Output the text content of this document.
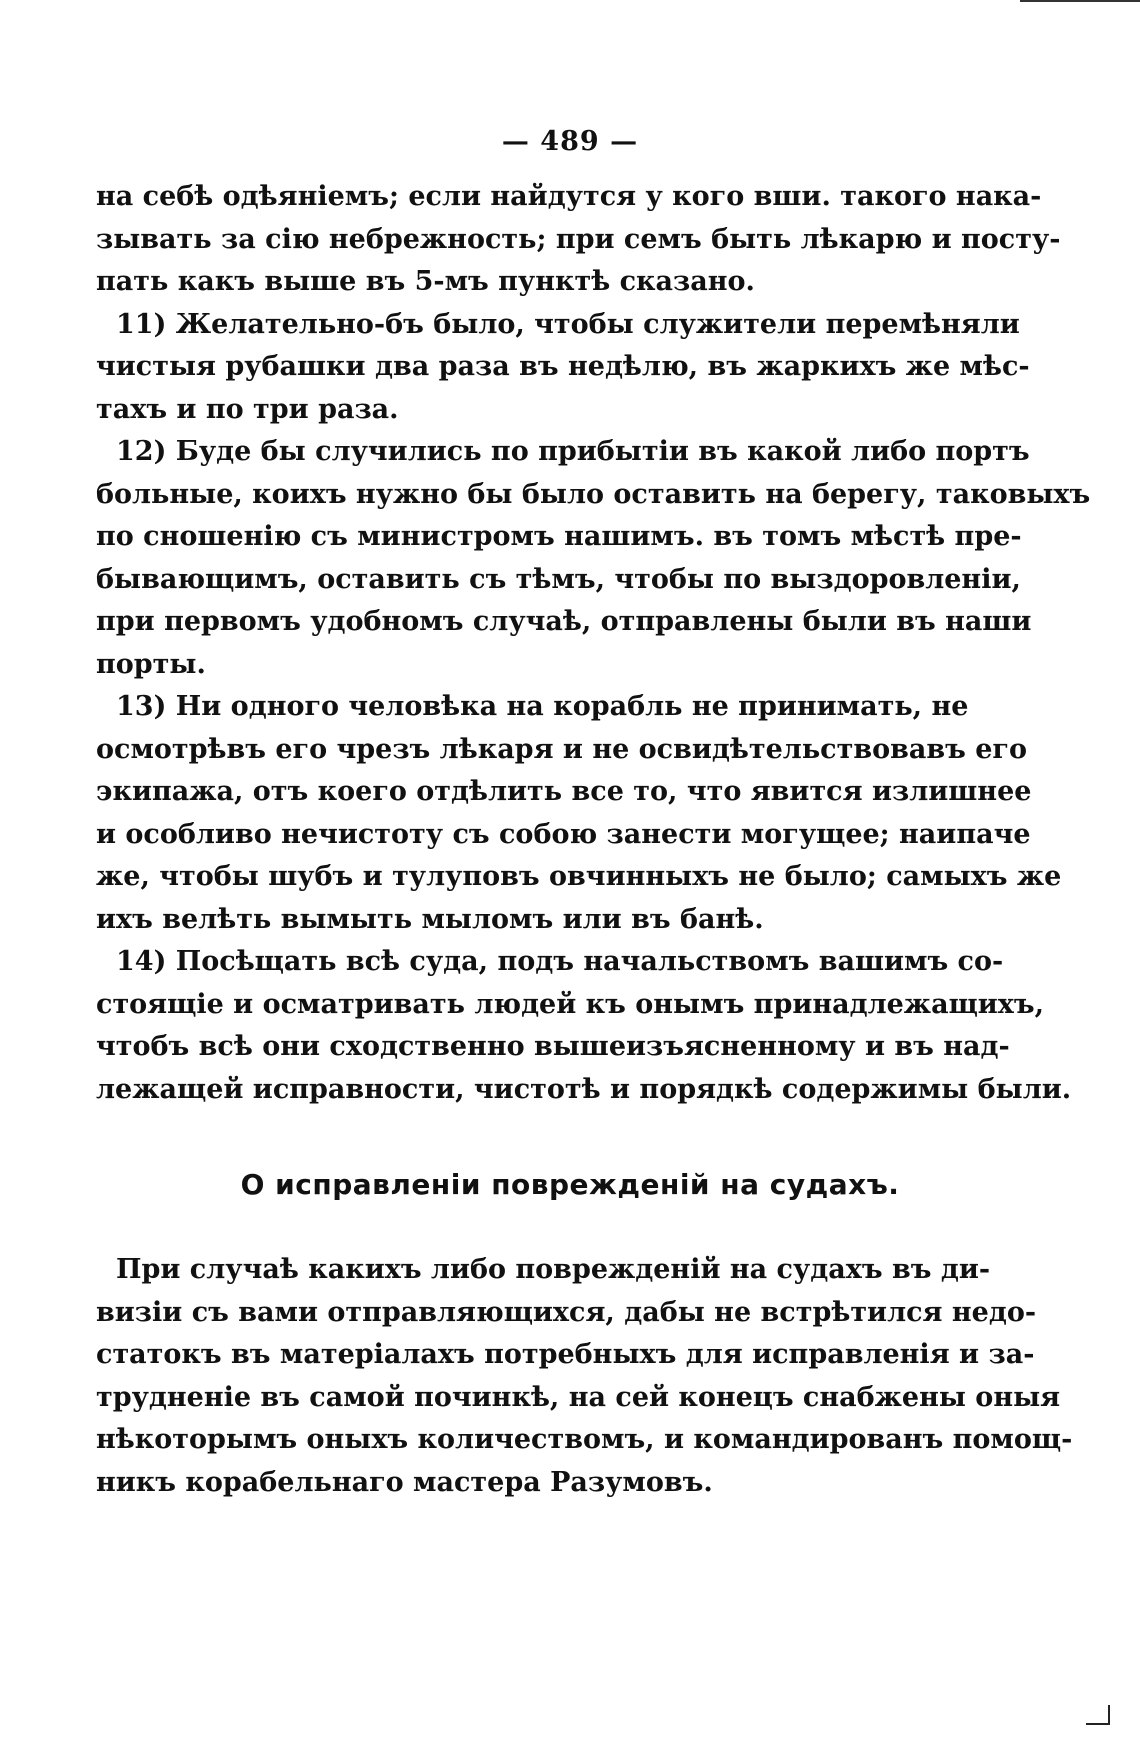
— 489 —
на себѣ одѣяніемъ; если найдутся у кого вши. такого нака-
зывать за сію небрежность; при семъ быть лѣкарю и посту-
пать какъ выше въ 5-мъ пунктѣ сказано.
11) Желательно-бъ было, чтобы служители перемѣняли
чистыя рубашки два раза въ недѣлю, въ жаркихъ же мѣс-
тахъ и по три раза.
12) Буде бы случились по прибытіи въ какой либо портъ
больные, коихъ нужно бы было оставить на берегу, таковыхъ
по сношенію съ министромъ нашимъ. въ томъ мѣстѣ пре-
бывающимъ, оставить съ тѣмъ, чтобы по выздоровленіи,
при первомъ удобномъ случаѣ, отправлены были въ наши
порты.
13) Ни одного человѣка на корабль не принимать, не
осмотрѣвъ его чрезъ лѣкаря и не освидѣтельствовавъ его
экипажа, отъ коего отдѣлить все то, что явится излишнее
и особливо нечистоту съ собою занести могущее; наипаче
же, чтобы шубъ и тулуповъ овчинныхъ не было; самыхъ же
ихъ велѣть вымыть мыломъ или въ банѣ.
14) Посѣщать всѣ суда, подъ начальствомъ вашимъ со-
стоящіе и осматривать людей къ онымъ принадлежащихъ,
чтобъ всѣ они сходственно вышеизъясненному и въ над-
лежащей исправности, чистотѣ и порядкѣ содержимы были.
О исправленіи поврежденій на судахъ.
При случаѣ какихъ либо поврежденій на судахъ въ ди-
визіи съ вами отправляющихся, дабы не встрѣтился недо-
статокъ въ матеріалахъ потребныхъ для исправленія и за-
трудненіе въ самой починкѣ, на сей конецъ снабжены оныя
нѣкоторымъ оныхъ количествомъ, и командированъ помощ-
никъ корабельнаго мастера Разумовъ.
